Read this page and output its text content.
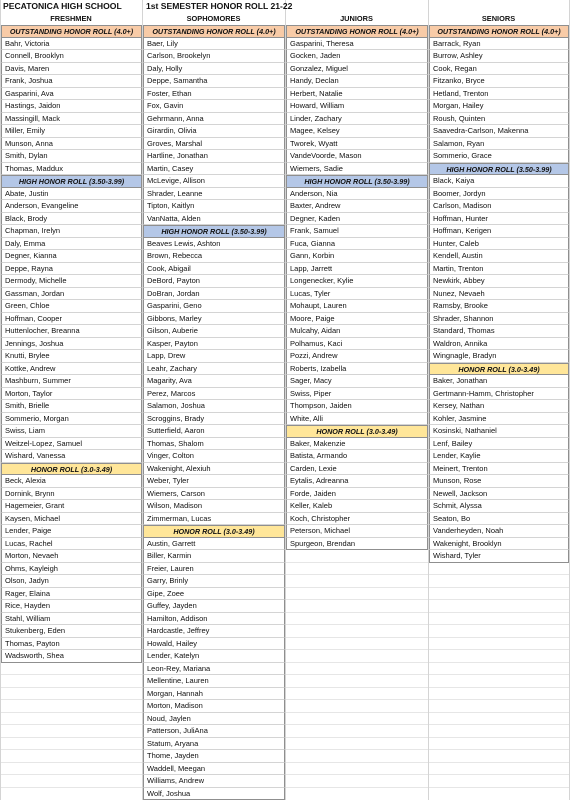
PECATONICA HIGH SCHOOL	1st SEMESTER HONOR ROLL 21-22
FRESHMEN	SOPHOMORES	JUNIORS	SENIORS
OUTSTANDING HONOR ROLL (4.0+)
Bahr, Victoria
Connell, Brooklyn
Davis, Maren
Frank, Joshua
Gasparini, Ava
Hastings, Jaidon
Massingill, Mack
Miller, Emily
Munson, Anna
Smith, Dylan
Thomas, Maddux
HIGH HONOR ROLL (3.50-3.99)
Abate, Justin
Anderson, Evangeline
Black, Brody
Chapman, Irelyn
Daly, Emma
Degner, Kianna
Deppe, Rayna
Dermody, Michelle
Gassman, Jordan
Green, Chloe
Hoffman, Cooper
Huttenlocher, Breanna
Jennings, Joshua
Knutti, Brylee
Kottke, Andrew
Mashburn, Summer
Morton, Taylor
Smith, Brielle
Sommerio, Morgan
Swiss, Liam
Weitzel-Lopez, Samuel
Wishard, Vanessa
HONOR ROLL (3.0-3.49)
Beck, Alexia
Dornink, Brynn
Hagemeier, Grant
Kaysen, Michael
Lender, Paige
Lucas, Rachel
Morton, Nevaeh
Ohms, Kayleigh
Olson, Jadyn
Rager, Elaina
Rice, Hayden
Stahl, William
Stukenberg, Eden
Thomas, Payton
Wadsworth, Shea
OUTSTANDING HONOR ROLL (4.0+)
Baer, Lily
Carlson, Brookelyn
Daly, Holly
Deppe, Samantha
Foster, Ethan
Fox, Gavin
Gehrmann, Anna
Girardin, Olivia
Groves, Marshal
Hartline, Jonathan
Martin, Casey
McLevige, Allison
Shrader, Leanne
Tipton, Kaitlyn
VanNatta, Alden
HIGH HONOR ROLL (3.50-3.99)
Beaves Lewis, Ashton
Brown, Rebecca
Cook, Abigail
DeBord, Payton
DoBran, Jordan
Gasparini, Geno
Gibbons, Marley
Gilson, Auberie
Kasper, Payton
Lapp, Drew
Leahr, Zachary
Magarity, Ava
Perez, Marcos
Salamon, Joshua
Scroggins, Brady
Sutterfield, Aaron
Thomas, Shalom
Vinger, Colton
Wakenight, Alexiuh
Weber, Tyler
Wiemers, Carson
Wilson, Madison
Zimmerman, Lucas
HONOR ROLL (3.0-3.49)
Austin, Garrett
Biller, Karmin
Freier, Lauren
Garry, Brinly
Gipe, Zoee
Guffey, Jayden
Hamilton, Addison
Hardcastle, Jeffrey
Howald, Hailey
Lender, Katelyn
Leon-Rey, Mariana
Mellentine, Lauren
Morgan, Hannah
Morton, Madison
Noud, Jaylen
Patterson, JuliAna
Statum, Aryana
Thome, Jayden
Waddell, Meegan
Williams, Andrew
Wolf, Joshua
OUTSTANDING HONOR ROLL (4.0+)
Gasparini, Theresa
Gocken, Jaden
Gonzalez, Miguel
Handy, Declan
Herbert, Natalie
Howard, William
Linder, Zachary
Magee, Kelsey
Tworek, Wyatt
VandeVoorde, Mason
Wiemers, Sadie
HIGH HONOR ROLL (3.50-3.99)
Anderson, Nia
Baxter, Andrew
Degner, Kaden
Frank, Samuel
Fuca, Gianna
Gann, Korbin
Lapp, Jarrett
Longenecker, Kylie
Lucas, Tyler
Mohaupt, Lauren
Moore, Paige
Mulcahy, Aidan
Polhamus, Kaci
Pozzi, Andrew
Roberts, Izabella
Sager, Macy
Swiss, Piper
Thompson, Jaiden
White, Alli
HONOR ROLL (3.0-3.49)
Baker, Makenzie
Batista, Armando
Carden, Lexie
Eytalis, Adreanna
Forde, Jaiden
Keller, Kaleb
Koch, Christopher
Peterson, Michael
Spurgeon, Brendan
OUTSTANDING HONOR ROLL (4.0+)
Barrack, Ryan
Burrow, Ashley
Cook, Regan
Fitzanko, Bryce
Hetland, Trenton
Morgan, Hailey
Roush, Quinten
Saavedra-Carlson, Makenna
Salamon, Ryan
Sommerio, Grace
HIGH HONOR ROLL (3.50-3.99)
Black, Kaiya
Boomer, Jordyn
Carlson, Madison
Hoffman, Hunter
Hoffman, Kerigen
Hunter, Caleb
Kendell, Austin
Martin, Trenton
Newkirk, Abbey
Nunez, Nevaeh
Ramsby, Brooke
Shrader, Shannon
Standard, Thomas
Waldron, Annika
Wingnagle, Bradyn
HONOR ROLL (3.0-3.49)
Baker, Jonathan
Gertmann-Hamm, Christopher
Kersey, Nathan
Kohler, Jasmine
Kosinski, Nathaniel
Lenf, Bailey
Lender, Kaylie
Meinert, Trenton
Munson, Rose
Newell, Jackson
Schmit, Alyssa
Seaton, Bo
Vanderheyden, Noah
Wakenight, Brooklyn
Wishard, Tyler
